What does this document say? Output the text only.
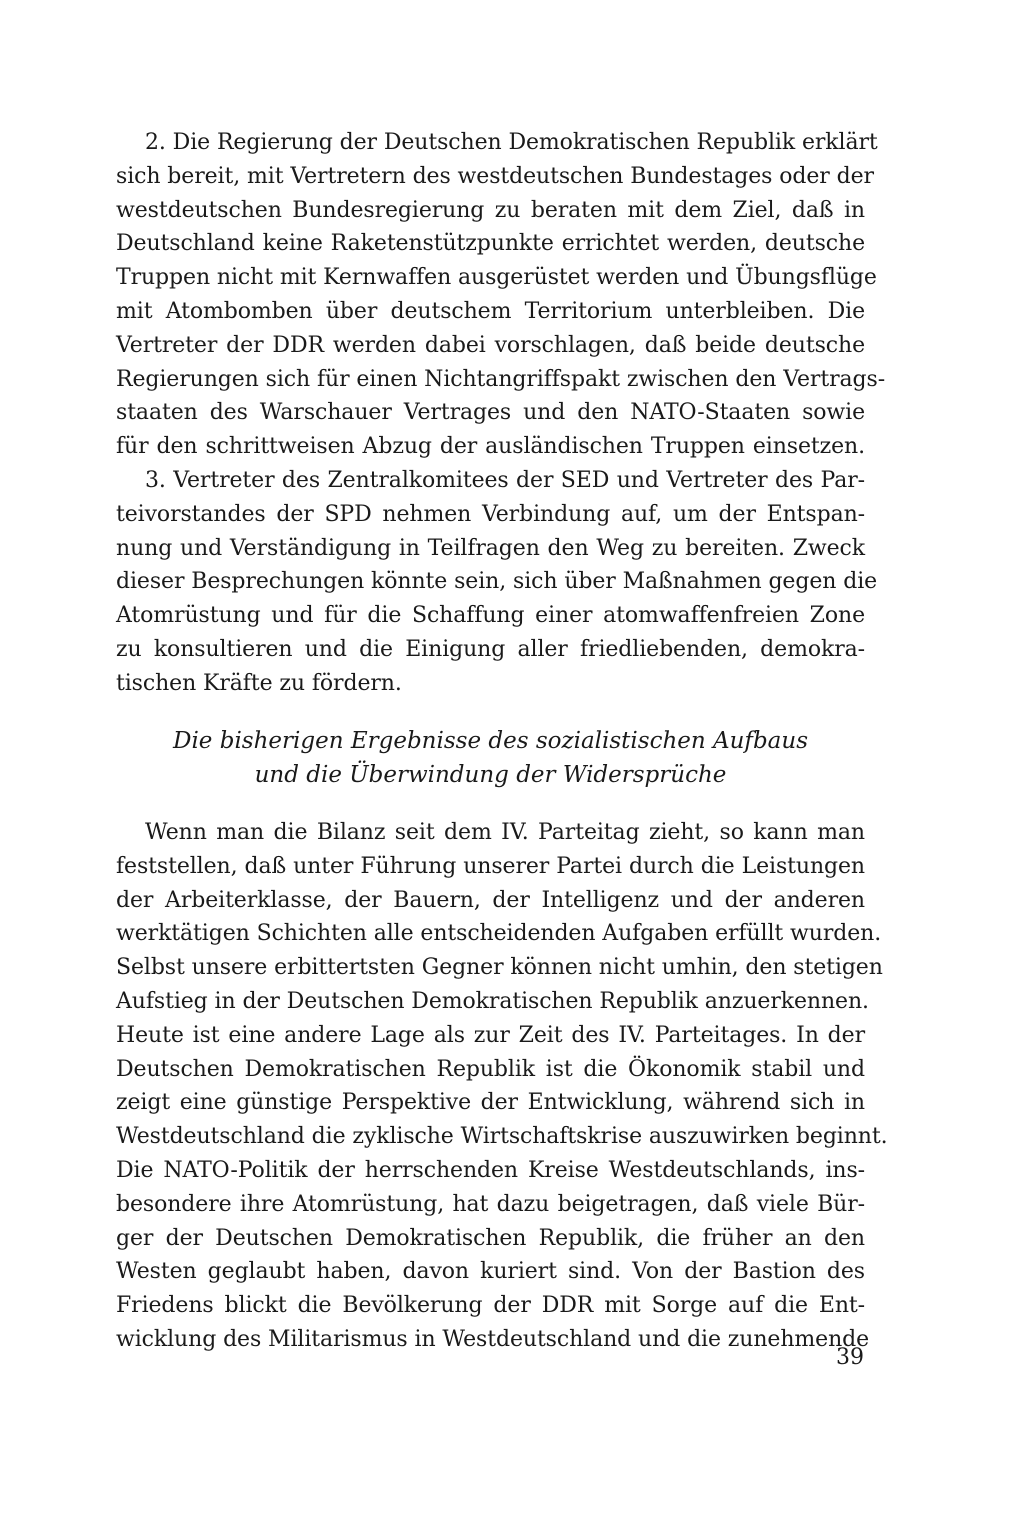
2. Die Regierung der Deutschen Demokratischen Republik erklärt
sich bereit, mit Vertretern des westdeutschen Bundestages oder der
westdeutschen Bundesregierung zu beraten mit dem Ziel, daß in
Deutschland keine Raketenstützpunkte errichtet werden, deutsche
Truppen nicht mit Kernwaffen ausgerüstet werden und Übungsflüge
mit Atombomben über deutschem Territorium unterbleiben. Die
Vertreter der DDR werden dabei vorschlagen, daß beide deutsche
Regierungen sich für einen Nichtangriffspakt zwischen den Vertrags-
staaten des Warschauer Vertrages und den NATO-Staaten sowie
für den schrittweisen Abzug der ausländischen Truppen einsetzen.
3. Vertreter des Zentralkomitees der SED und Vertreter des Par-
teivorstandes der SPD nehmen Verbindung auf, um der Entspan-
nung und Verständigung in Teilfragen den Weg zu bereiten. Zweck
dieser Besprechungen könnte sein, sich über Maßnahmen gegen die
Atomrüstung und für die Schaffung einer atomwaffenfreien Zone
zu konsultieren und die Einigung aller friedliebenden, demokra-
tischen Kräfte zu fördern.
Die bisherigen Ergebnisse des sozialistischen Aufbaus
und die Überwindung der Widersprüche
Wenn man die Bilanz seit dem IV. Parteitag zieht, so kann man
feststellen, daß unter Führung unserer Partei durch die Leistungen
der Arbeiterklasse, der Bauern, der Intelligenz und der anderen
werktätigen Schichten alle entscheidenden Aufgaben erfüllt wurden.
Selbst unsere erbittertsten Gegner können nicht umhin, den stetigen
Aufstieg in der Deutschen Demokratischen Republik anzuerkennen.
Heute ist eine andere Lage als zur Zeit des IV. Parteitages. In der
Deutschen Demokratischen Republik ist die Ökonomik stabil und
zeigt eine günstige Perspektive der Entwicklung, während sich in
Westdeutschland die zyklische Wirtschaftskrise auszuwirken beginnt.
Die NATO-Politik der herrschenden Kreise Westdeutschlands, ins-
besondere ihre Atomrüstung, hat dazu beigetragen, daß viele Bür-
ger der Deutschen Demokratischen Republik, die früher an den
Westen geglaubt haben, davon kuriert sind. Von der Bastion des
Friedens blickt die Bevölkerung der DDR mit Sorge auf die Ent-
wicklung des Militarismus in Westdeutschland und die zunehmende
39
